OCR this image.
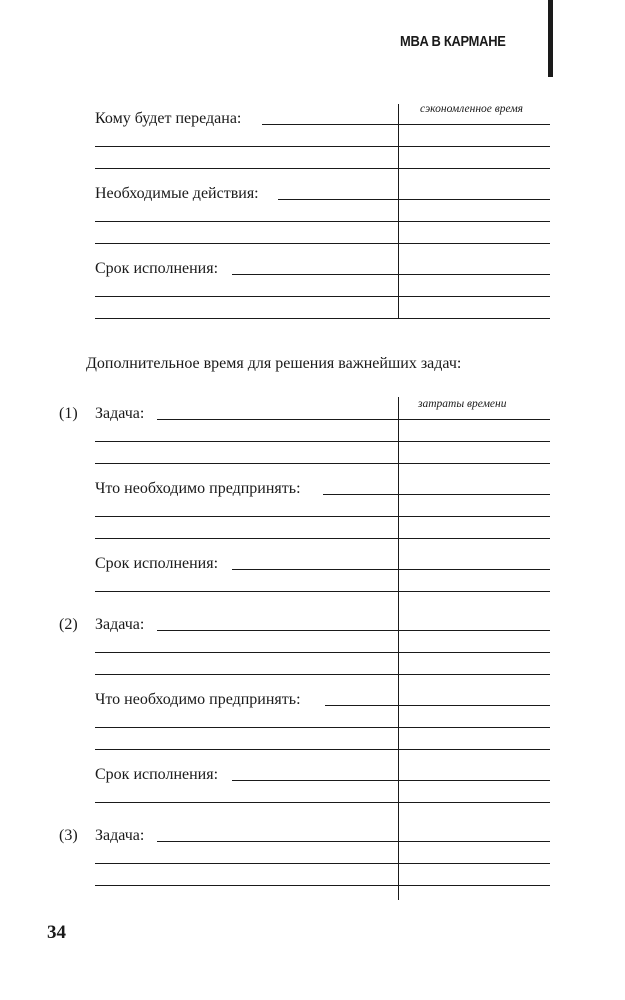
MBA В КАРМАНЕ
сэкономленное время
Кому будет передана:
Необходимые действия:
Срок исполнения:
Дополнительное время для решения важнейших задач:
затраты времени
(1) Задача:
Что необходимо предпринять:
Срок исполнения:
(2) Задача:
Что необходимо предпринять:
Срок исполнения:
(3) Задача:
34
